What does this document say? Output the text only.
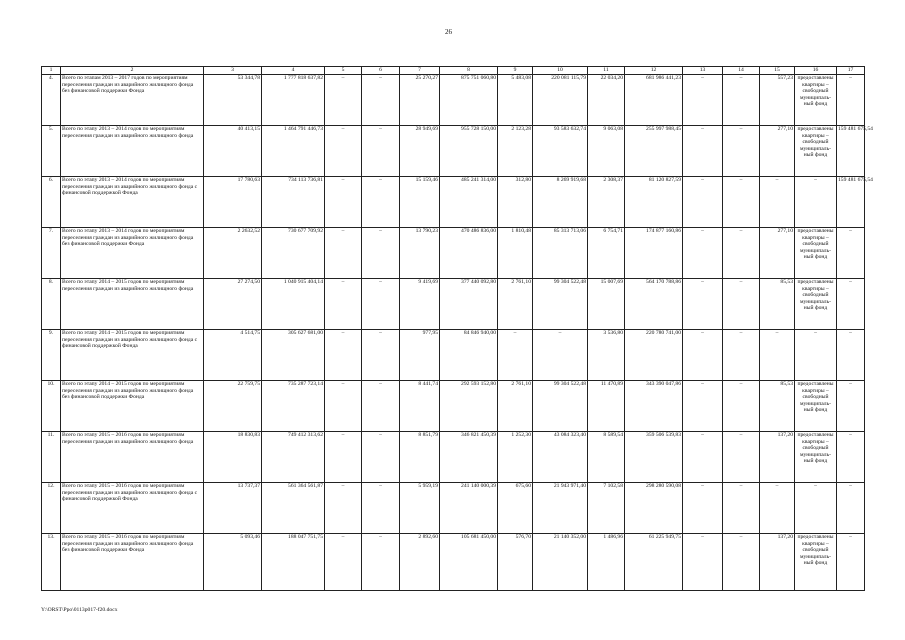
26
1	2	3	4	5	6	7	8	9	10	11	12	13	14	15	16	17
4.	Всего по этапам 2013 – 2017 годов по мероприятиям переселения граждан из аварийного жилищного фонда без финансовой поддержки Фонда	53 344,78	1 777 818 637,82	–	–	25 270,27	875 751 060,80	5 483,08	220 081 115,79	22 034,20	681 986 441,23	–	–	557,23	предоставлены квартиры – свободный муниципаль-ный фонд	–
5.	Всего по этапу 2013 – 2014 годов по мероприятиям переселения граждан из аварийного жилищного фонда	40 413,15	1 464 791 446,73	–	–	28 949,69	955 728 150,00	2 123,28	93 583 632,74	9 063,08	255 997 988,45	–	–	277,10	предоставлены квартиры – свободный муниципаль-ный фонд	159 481 675,54
6.	Всего по этапу 2013 – 2014 годов по мероприятиям переселения граждан из аварийного жилищного фонда с финансовой поддержкой Фонда	17 780,63	734 113 736,81	–	–	15 159,46	485 241 314,00	312,80	8 269 919,68	2 308,37	81 120 827,59	–	–	–	–	159 481 675,54
7.	Всего по этапу 2013 – 2014 годов по мероприятиям переселения граждан из аварийного жилищного фонда без финансовой поддержки Фонда	2 2632,52	730 677 709,92	–	–	13 790,23	470 486 836,00	1 810,48	85 313 713,06	6 754,71	174 877 160,86	–	–	277,10	предоставлены квартиры – свободный муниципаль-ный фонд	–
8.	Всего по этапу 2014 – 2015 годов по мероприятиям переселения граждан из аварийного жилищного фонда	27 274,50	1 040 915 404,14	–	–	9 419,69	377 440 092,80	2 761,10	99 304 522,48	15 007,69	564 170 788,86	–	–	85,53	предоставлены квартиры – свободный муниципаль-ный фонд	–
9.	Всего по этапу 2014 – 2015 годов по мероприятиям переселения граждан из аварийного жилищного фонда с финансовой поддержкой Фонда	4 514,75	305 627 681,00	–	–	977,95	84 846 940,00	–	–	3 536,80	220 780 741,00	–	–	–	–	–
10.	Всего по этапу 2014 – 2015 годов по мероприятиям переселения граждан из аварийного жилищного фонда без финансовой поддержки Фонда	22 759,75	735 287 723,14	–	–	8 441,74	292 593 152,80	2 761,10	99 304 522,48	11 470,89	343 390 047,86	–	–	85,53	предоставлены квартиры – свободный муниципаль-ный фонд	–
11.	Всего по этапу 2015 – 2016 годов по мероприятиям переселения граждан из аварийного жилищного фонда	18 830,83	749 412 313,62	–	–	8 851,79	346 821 450,39	1 252,30	43 084 323,40	8 589,54	359 506 539,83	–	–	137,20	предоставлены квартиры – свободный муниципаль-ный фонд	–
12.	Всего по этапу 2015 – 2016 годов по мероприятиям переселения граждан из аварийного жилищного фонда с финансовой поддержкой Фонда	13 737,37	561 364 561,87	–	–	5 959,19	241 140 000,39	675,60	21 943 971,40	7 102,58	298 280 590,08	–	–	–	–	–
13.	Всего по этапу 2015 – 2016 годов по мероприятиям переселения граждан из аварийного жилищного фонда без финансовой поддержки Фонда	5 093,46	188 047 751,75	–	–	2 892,60	105 681 450,00	576,70	21 140 352,00	1 486,96	61 225 949,75	–	–	137,20	предоставлены квартиры – свободный муниципаль-ный фонд	–
Y:\ORST\Ppo\0113p017-f20.docx
